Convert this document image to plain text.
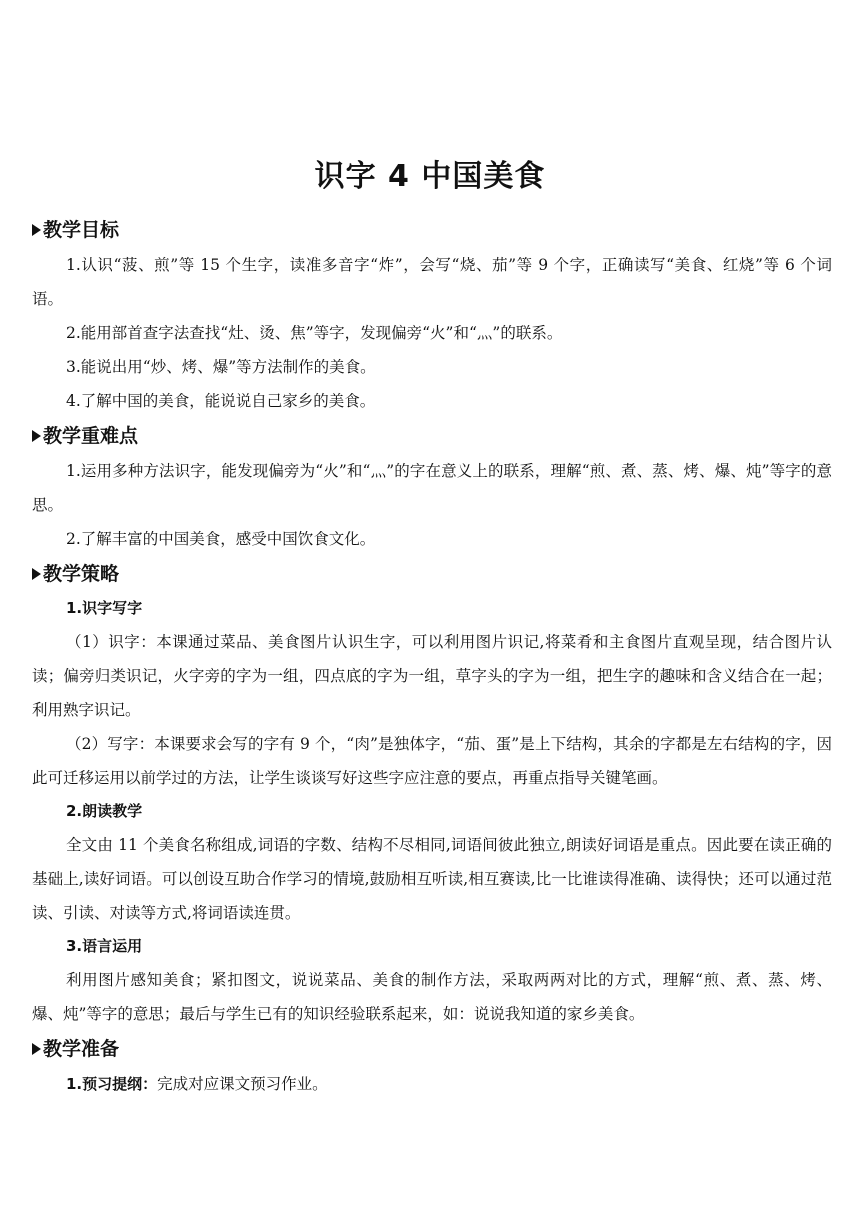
识字 4 中国美食
教学目标
1.认识“菠、煎”等 15 个生字，读准多音字“炸”，会写“烧、茄”等 9 个字，正确读写“美食、红烧”等 6 个词语。
2.能用部首查字法查找“灶、烫、焦”等字，发现偏旁“火”和“灬”的联系。
3.能说出用“炒、烤、爆”等方法制作的美食。
4.了解中国的美食，能说说自己家乡的美食。
教学重难点
1.运用多种方法识字，能发现偏旁为“火”和“灬”的字在意义上的联系，理解“煎、煮、蒸、烤、爆、炖”等字的意思。
2.了解丰富的中国美食，感受中国饮食文化。
教学策略
1.识字写字
（1）识字：本课通过菜品、美食图片认识生字，可以利用图片识记,将菜肴和主食图片直观呈现，结合图片认读；偏旁归类识记，火字旁的字为一组，四点底的字为一组，草字头的字为一组，把生字的趣味和含义结合在一起；利用熟字识记。
（2）写字：本课要求会写的字有 9 个，“肉”是独体字，“茄、蛋”是上下结构，其余的字都是左右结构的字，因此可迁移运用以前学过的方法，让学生谈谈写好这些字应注意的要点，再重点指导关键笔画。
2.朗读教学
全文由 11 个美食名称组成,词语的字数、结构不尽相同,词语间彼此独立,朗读好词语是重点。因此要在读正确的基础上,读好词语。可以创设互助合作学习的情境,鼓励相互听读,相互赛读,比一比谁读得准确、读得快；还可以通过范读、引读、对读等方式,将词语读连贯。
3.语言运用
利用图片感知美食；紧扣图文，说说菜品、美食的制作方法，采取两两对比的方式，理解“煎、煮、蒸、烤、爆、炖”等字的意思；最后与学生已有的知识经验联系起来，如：说说我知道的家乡美食。
教学准备
1.预习提纲：完成对应课文预习作业。
